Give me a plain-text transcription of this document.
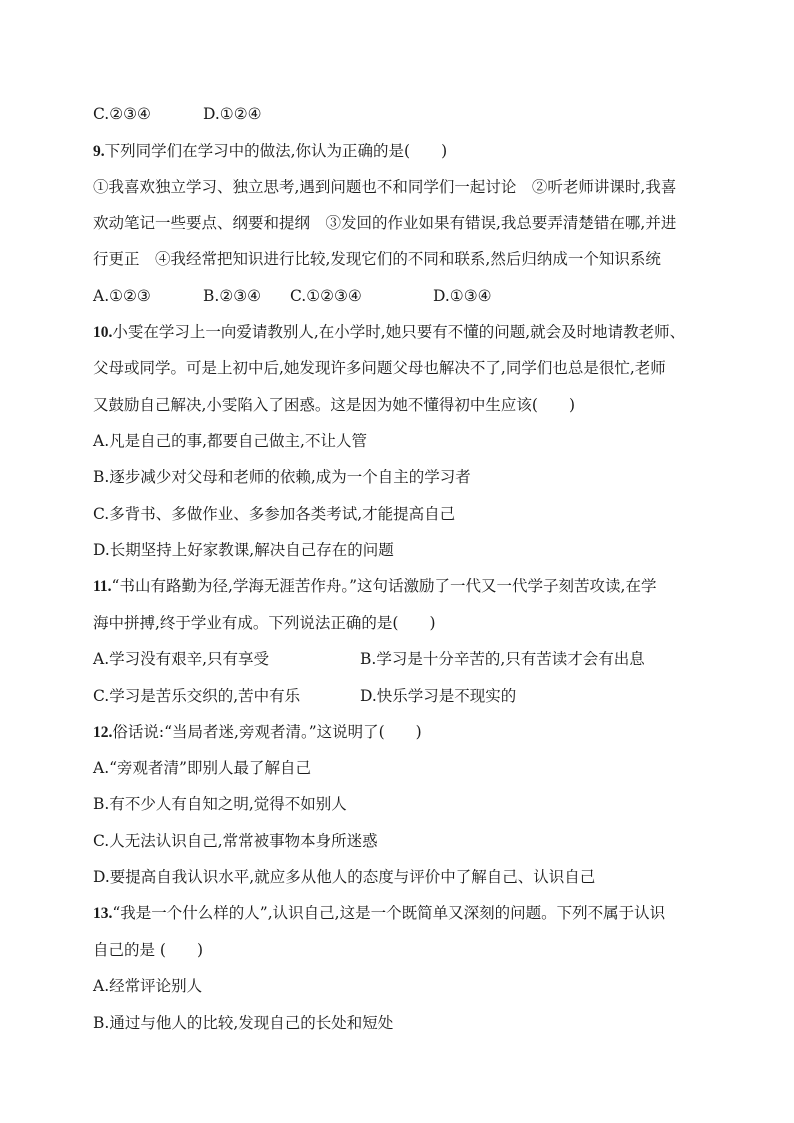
C.②③④	D.①②④
9.下列同学们在学习中的做法,你认为正确的是(　　)
①我喜欢独立学习、独立思考,遇到问题也不和同学们一起讨论　②听老师讲课时,我喜
欢动笔记一些要点、纲要和提纲　③发回的作业如果有错误,我总要弄清楚错在哪,并进
行更正　④我经常把知识进行比较,发现它们的不同和联系,然后归纳成一个知识系统
A.①②③	B.②③④ C.①②③④	D.①③④
10.小雯在学习上一向爱请教别人,在小学时,她只要有不懂的问题,就会及时地请教老师、
父母或同学。可是上初中后,她发现许多问题父母也解决不了,同学们也总是很忙,老师
又鼓励自己解决,小雯陷入了困惑。这是因为她不懂得初中生应该(　　)
A.凡是自己的事,都要自己做主,不让人管
B.逐步减少对父母和老师的依赖,成为一个自主的学习者
C.多背书、多做作业、多参加各类考试,才能提高自己
D.长期坚持上好家教课,解决自己存在的问题
11.“书山有路勤为径,学海无涯苦作舟。”这句话激励了一代又一代学子刻苦攻读,在学
海中拼搏,终于学业有成。下列说法正确的是(　　)
A.学习没有艰辛,只有享受	B.学习是十分辛苦的,只有苦读才会有出息
C.学习是苦乐交织的,苦中有乐	D.快乐学习是不现实的
12.俗话说:“当局者迷,旁观者清。”这说明了(　　)
A.“旁观者清”即别人最了解自己
B.有不少人有自知之明,觉得不如别人
C.人无法认识自己,常常被事物本身所迷惑
D.要提高自我认识水平,就应多从他人的态度与评价中了解自己、认识自己
13.“我是一个什么样的人”,认识自己,这是一个既简单又深刻的问题。下列不属于认识
自己的是 (　　)
A.经常评论别人
B.通过与他人的比较,发现自己的长处和短处
